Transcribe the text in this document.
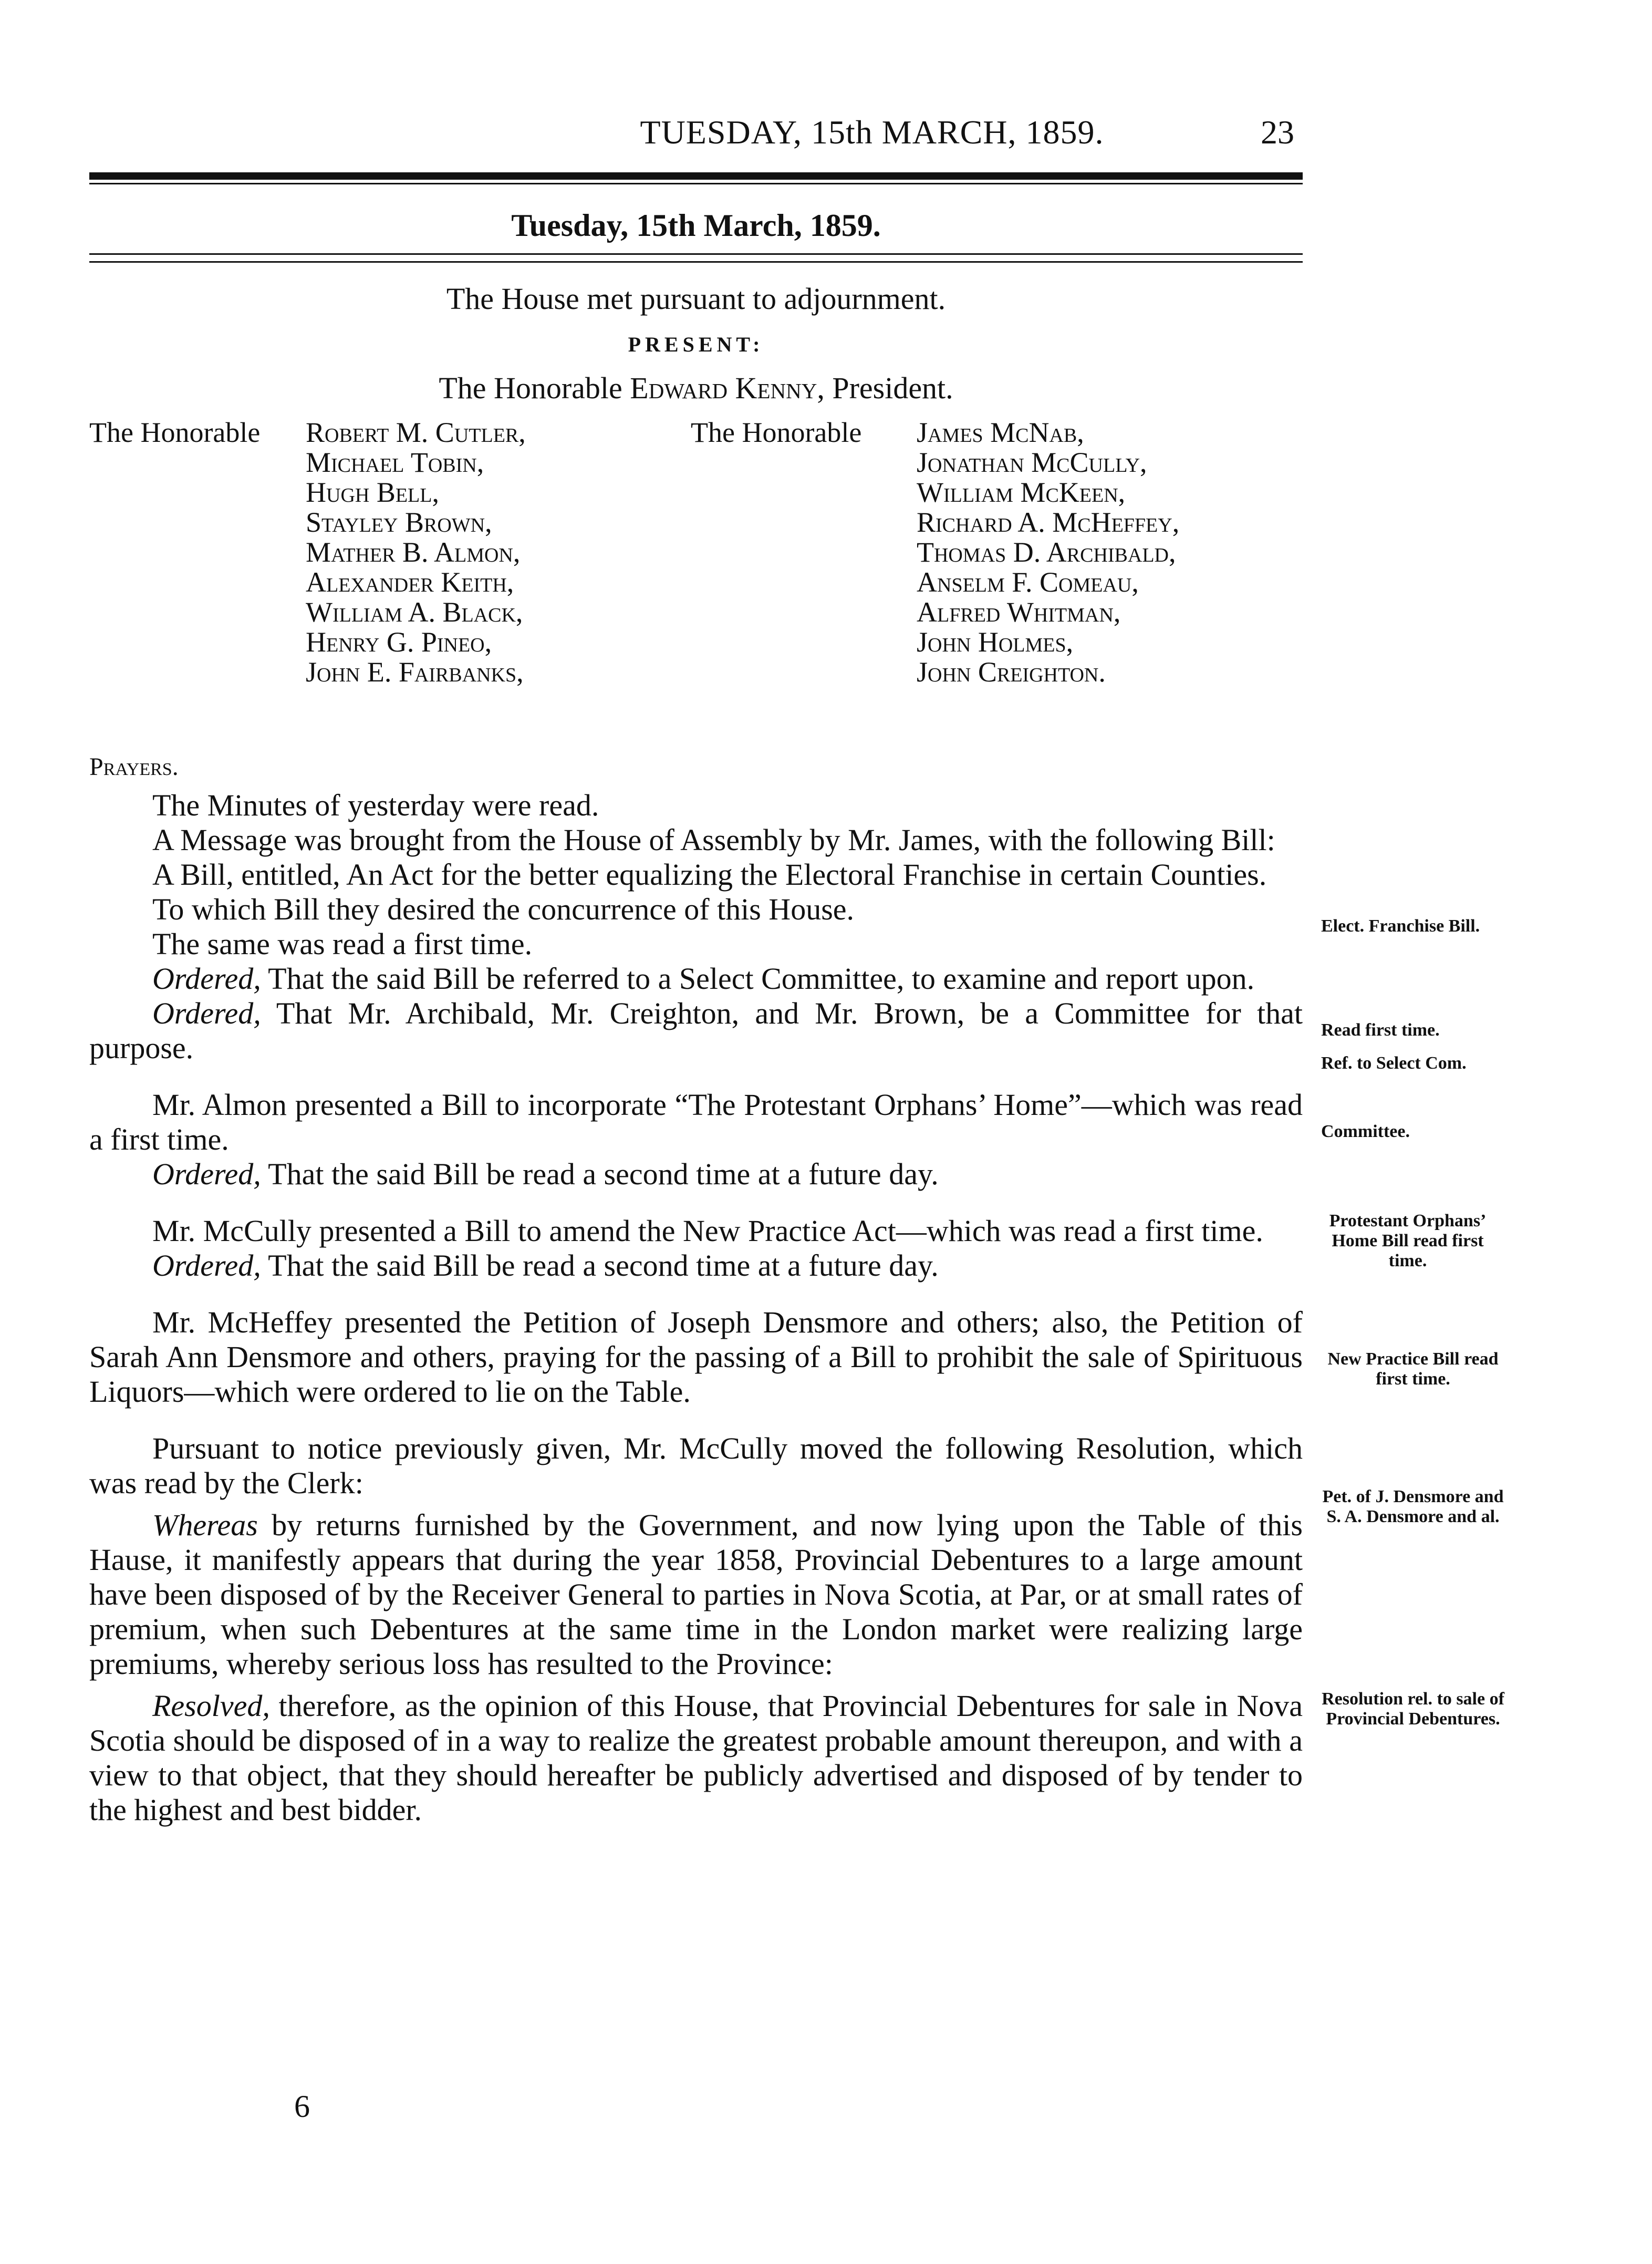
TUESDAY, 15th MARCH, 1859.	23
Tuesday, 15th March, 1859.
The House met pursuant to adjournment.
PRESENT:
The Honorable Edward Kenny, President.
The Honorable Robert M. Cutler,
Michael Tobin,
Hugh Bell,
Stayley Brown,
Mather B. Almon,
Alexander Keith,
William A. Black,
Henry G. Pineo,
John E. Fairbanks,
The Honorable James McNab,
Jonathan McCully,
William McKeen,
Richard A. McHeffey,
Thomas D. Archibald,
Anselm F. Comeau,
Alfred Whitman,
John Holmes,
John Creighton.
Prayers.

The Minutes of yesterday were read.

A Message was brought from the House of Assembly by Mr. James, with the following Bill:

A Bill, entitled, An Act for the better equalizing the Electoral Franchise in certain Counties.

To which Bill they desired the concurrence of this House.

The same was read a first time.

Ordered, That the said Bill be referred to a Select Committee, to examine and report upon.

Ordered, That Mr. Archibald, Mr. Creighton, and Mr. Brown, be a Committee for that purpose.

Mr. Almon presented a Bill to incorporate “The Protestant Orphans’ Home”—which was read a first time.

Ordered, That the said Bill be read a second time at a future day.

Mr. McCully presented a Bill to amend the New Practice Act—which was read a first time.

Ordered, That the said Bill be read a second time at a future day.

Mr. McHeffey presented the Petition of Joseph Densmore and others; also, the Petition of Sarah Ann Densmore and others, praying for the passing of a Bill to prohibit the sale of Spirituous Liquors—which were ordered to lie on the Table.

Pursuant to notice previously given, Mr. McCully moved the following Resolution, which was read by the Clerk:

Whereas by returns furnished by the Government, and now lying upon the Table of this Hause, it manifestly appears that during the year 1858, Provincial Debentures to a large amount have been disposed of by the Receiver General to parties in Nova Scotia, at Par, or at small rates of premium, when such Debentures at the same time in the London market were realizing large premiums, whereby serious loss has resulted to the Province:

Resolved, therefore, as the opinion of this House, that Provincial Debentures for sale in Nova Scotia should be disposed of in a way to realize the greatest probable amount thereupon, and with a view to that object, that they should hereafter be publicly advertised and disposed of by tender to the highest and best bidder.

Elect. Franchise Bill.
Read first time.
Ref. to Select Com.
Committee.
Protestant Orphans’ Home Bill read first time.
New Practice Bill read first time.
Pet. of J. Densmore and S. A. Densmore and al.
Resolution rel. to sale of Provincial Debentures.
6
